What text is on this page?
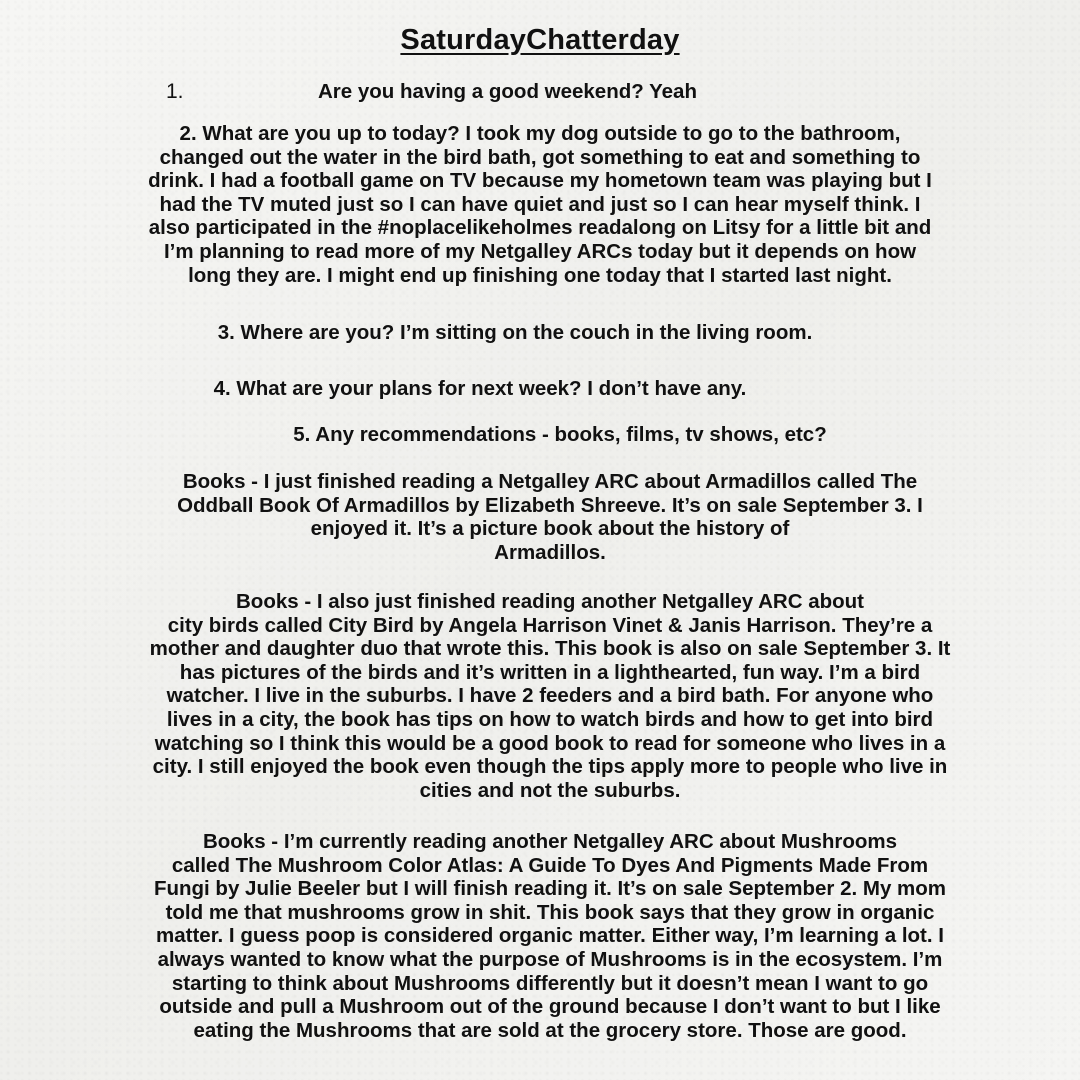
SaturdayChatterday
1.	Are you having a good weekend? Yeah
2. What are you up to today? I took my dog outside to go to the bathroom,
changed out the water in the bird bath, got something to eat and something to
drink. I had a football game on TV because my hometown team was playing but I
had the TV muted just so I can have quiet and just so I can hear myself think. I
also participated in the #noplacelikeholmes readalong on Litsy for a little bit and
I’m planning to read more of my Netgalley ARCs today but it depends on how
long they are. I might end up finishing one today that I started last night.
3. Where are you? I’m sitting on the couch in the living room.
4. What are your plans for next week? I don’t have any.
5. Any recommendations - books, films, tv shows, etc?
Books - I just finished reading a Netgalley ARC about Armadillos called The
Oddball Book Of Armadillos by Elizabeth Shreeve. It’s on sale September 3. I
enjoyed it. It’s a picture book about the history of
Armadillos.
Books - I also just finished reading another Netgalley ARC about
city birds called City Bird by Angela Harrison Vinet & Janis Harrison. They’re a
mother and daughter duo that wrote this. This book is also on sale September 3. It
has pictures of the birds and it’s written in a lighthearted, fun way. I’m a bird
watcher. I live in the suburbs. I have 2 feeders and a bird bath. For anyone who
lives in a city, the book has tips on how to watch birds and how to get into bird
watching so I think this would be a good book to read for someone who lives in a
city. I still enjoyed the book even though the tips apply more to people who live in
cities and not the suburbs.
Books - I’m currently reading another Netgalley ARC about Mushrooms
called The Mushroom Color Atlas: A Guide To Dyes And Pigments Made From
Fungi by Julie Beeler but I will finish reading it. It’s on sale September 2. My mom
told me that mushrooms grow in shit. This book says that they grow in organic
matter. I guess poop is considered organic matter. Either way, I’m learning a lot. I
always wanted to know what the purpose of Mushrooms is in the ecosystem. I’m
starting to think about Mushrooms differently but it doesn’t mean I want to go
outside and pull a Mushroom out of the ground because I don’t want to but I like
eating the Mushrooms that are sold at the grocery store. Those are good.
